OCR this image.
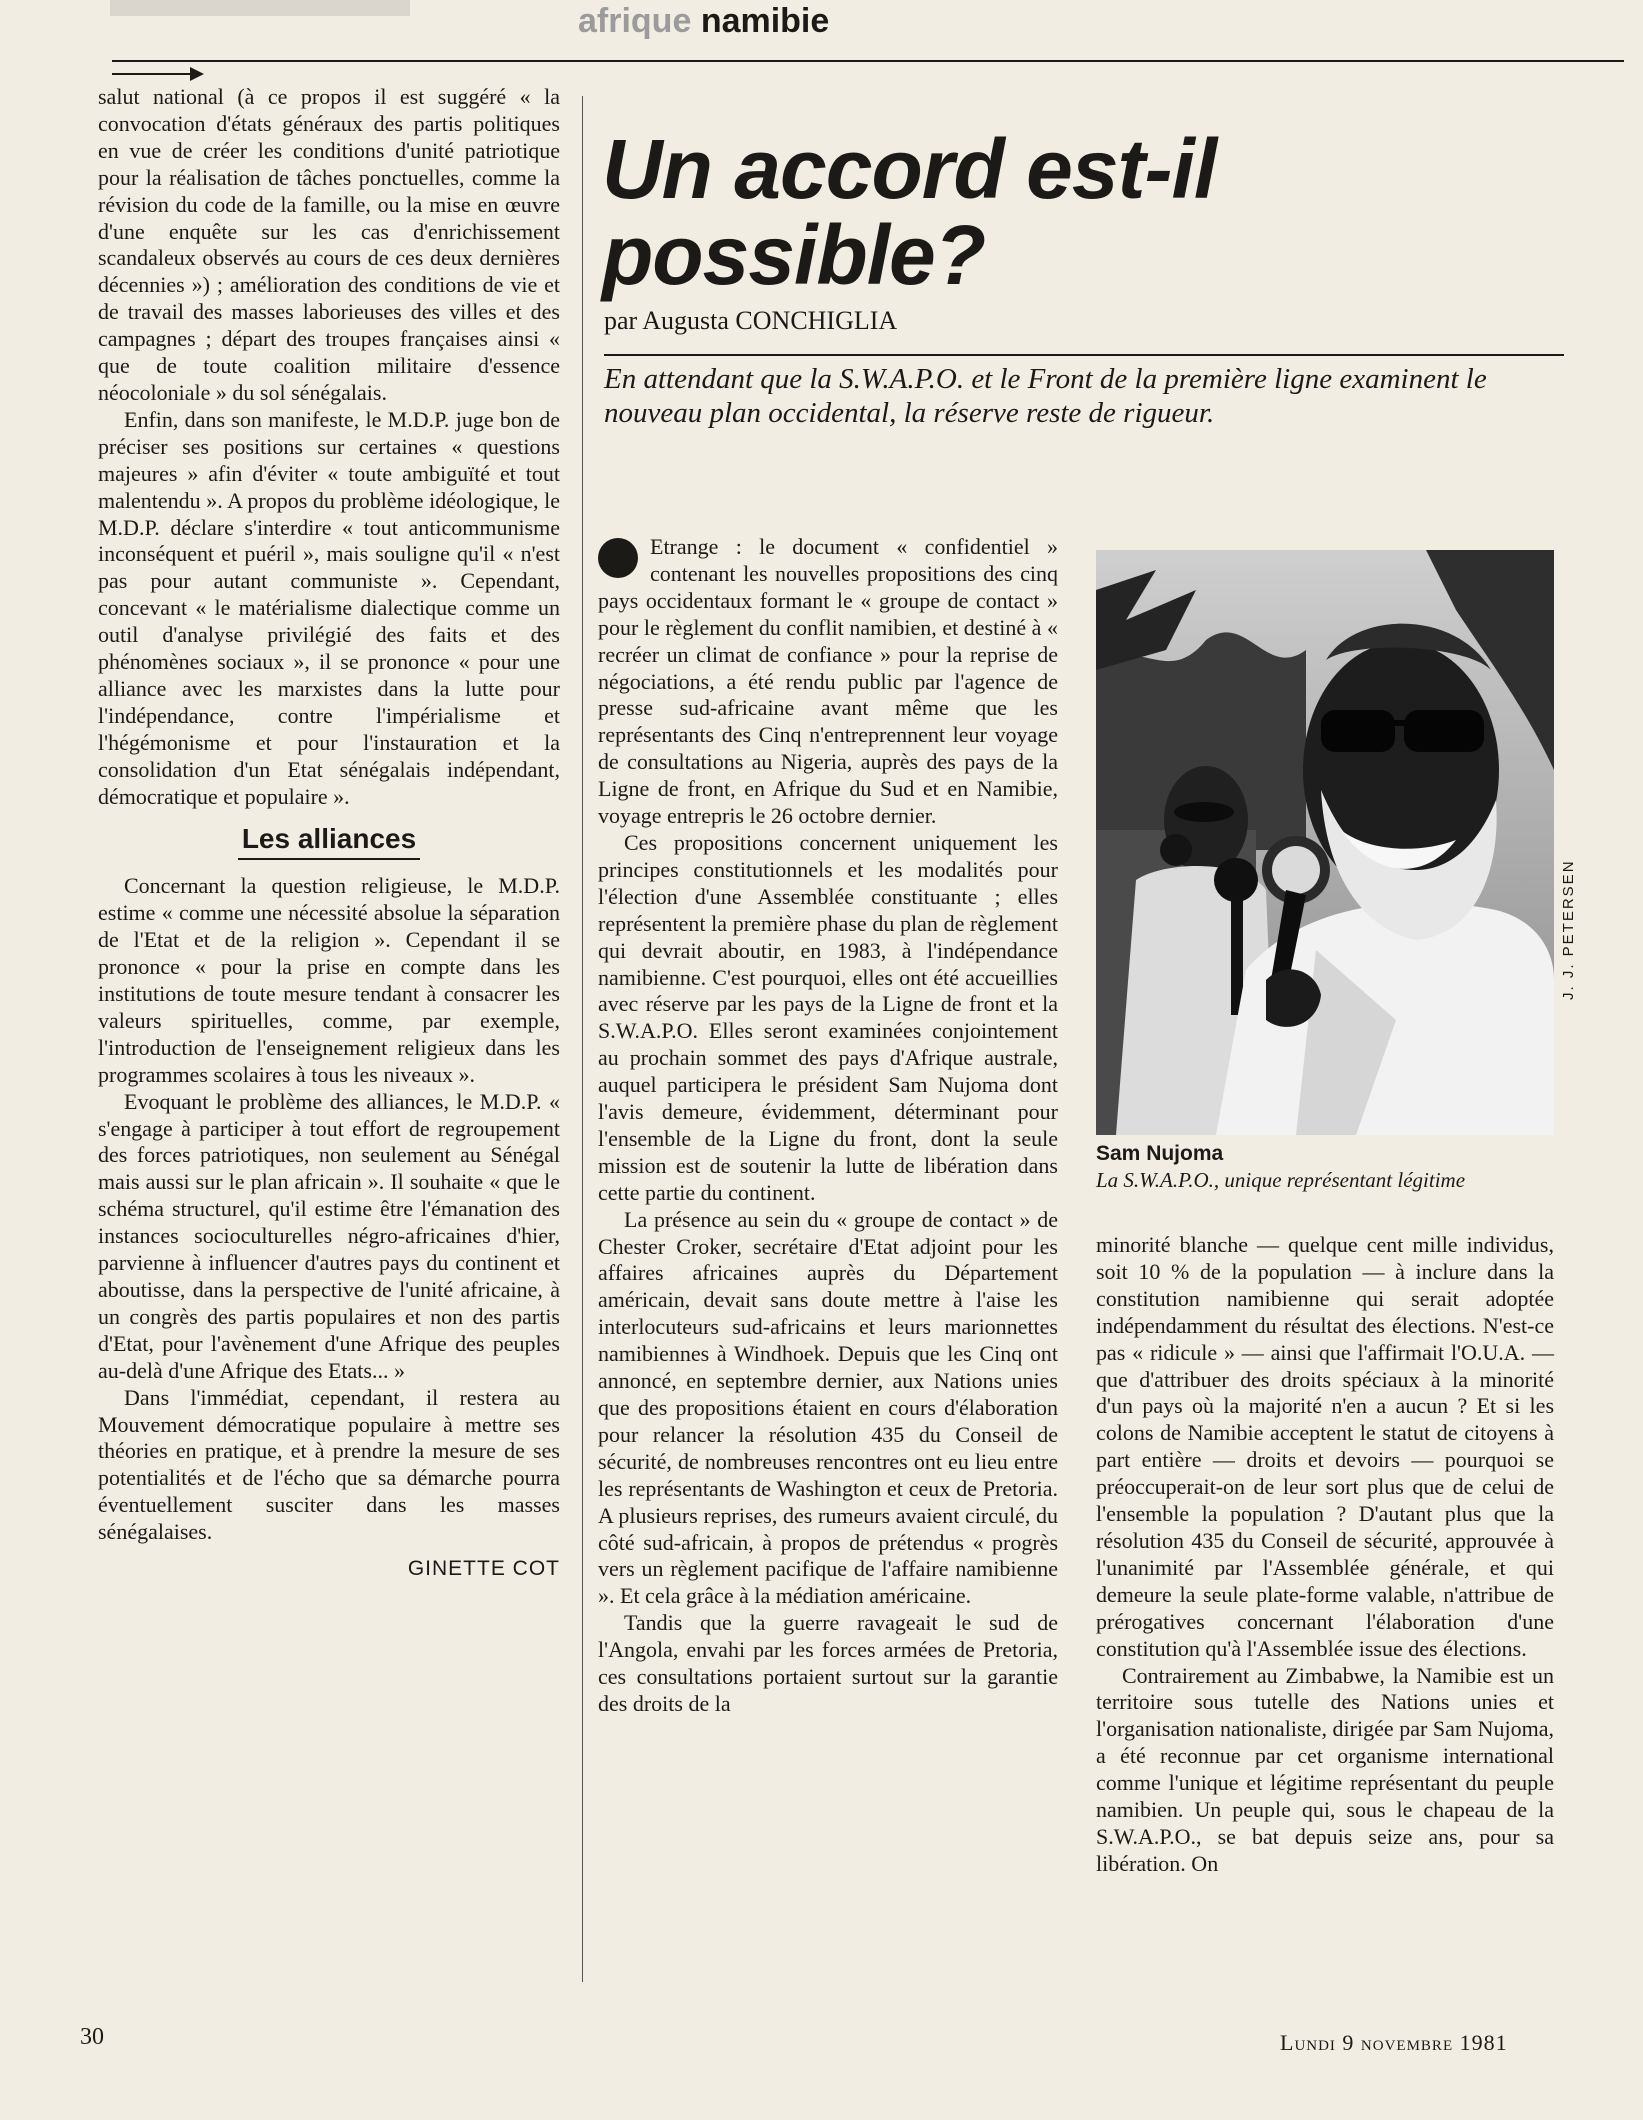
afrique namibie

salut national (à ce propos il est suggéré « la convocation d'états généraux des partis politiques en vue de créer les conditions d'unité patriotique pour la réalisation de tâches ponctuelles, comme la révision du code de la famille, ou la mise en œuvre d'une enquête sur les cas d'enrichissement scandaleux observés au cours de ces deux dernières décennies ») ; amélioration des conditions de vie et de travail des masses laborieuses des villes et des campagnes ; départ des troupes françaises ainsi « que de toute coalition militaire d'essence néocoloniale » du sol sénégalais.

Enfin, dans son manifeste, le M.D.P. juge bon de préciser ses positions sur certaines « questions majeures » afin d'éviter « toute ambiguïté et tout malentendu ». A propos du problème idéologique, le M.D.P. déclare s'interdire « tout anticommunisme inconséquent et puéril », mais souligne qu'il « n'est pas pour autant communiste ». Cependant, concevant « le matérialisme dialectique comme un outil d'analyse privilégié des faits et des phénomènes sociaux », il se prononce « pour une alliance avec les marxistes dans la lutte pour l'indépendance, contre l'impérialisme et l'hégémonisme et pour l'instauration et la consolidation d'un Etat sénégalais indépendant, démocratique et populaire ».

Les alliances

Concernant la question religieuse, le M.D.P. estime « comme une nécessité absolue la séparation de l'Etat et de la religion ». Cependant il se prononce « pour la prise en compte dans les institutions de toute mesure tendant à consacrer les valeurs spirituelles, comme, par exemple, l'introduction de l'enseignement religieux dans les programmes scolaires à tous les niveaux ».

Evoquant le problème des alliances, le M.D.P. « s'engage à participer à tout effort de regroupement des forces patriotiques, non seulement au Sénégal mais aussi sur le plan africain ». Il souhaite « que le schéma structurel, qu'il estime être l'émanation des instances socioculturelles négro-africaines d'hier, parvienne à influencer d'autres pays du continent et aboutisse, dans la perspective de l'unité africaine, à un congrès des partis populaires et non des partis d'Etat, pour l'avènement d'une Afrique des peuples au-delà d'une Afrique des Etats... »

Dans l'immédiat, cependant, il restera au Mouvement démocratique populaire à mettre ses théories en pratique, et à prendre la mesure de ses potentialités et de l'écho que sa démarche pourra éventuellement susciter dans les masses sénégalaises.

GINETTE COT
Un accord est-il possible?
par Augusta CONCHIGLIA
En attendant que la S.W.A.P.O. et le Front de la première ligne examinent le nouveau plan occidental, la réserve reste de rigueur.

Etrange : le document « confidentiel » contenant les nouvelles propositions des cinq pays occidentaux formant le « groupe de contact » pour le règlement du conflit namibien, et destiné à « recréer un climat de confiance » pour la reprise de négociations, a été rendu public par l'agence de presse sud-africaine avant même que les représentants des Cinq n'entreprennent leur voyage de consultations au Nigeria, auprès des pays de la Ligne de front, en Afrique du Sud et en Namibie, voyage entrepris le 26 octobre dernier.

Ces propositions concernent uniquement les principes constitutionnels et les modalités pour l'élection d'une Assemblée constituante ; elles représentent la première phase du plan de règlement qui devrait aboutir, en 1983, à l'indépendance namibienne. C'est pourquoi, elles ont été accueillies avec réserve par les pays de la Ligne de front et la S.W.A.P.O. Elles seront examinées conjointement au prochain sommet des pays d'Afrique australe, auquel participera le président Sam Nujoma dont l'avis demeure, évidemment, déterminant pour l'ensemble de la Ligne du front, dont la seule mission est de soutenir la lutte de libération dans cette partie du continent.

La présence au sein du « groupe de contact » de Chester Croker, secrétaire d'Etat adjoint pour les affaires africaines auprès du Département américain, devait sans doute mettre à l'aise les interlocuteurs sud-africains et leurs marionnettes namibiennes à Windhoek. Depuis que les Cinq ont annoncé, en septembre dernier, aux Nations unies que des propositions étaient en cours d'élaboration pour relancer la résolution 435 du Conseil de sécurité, de nombreuses rencontres ont eu lieu entre les représentants de Washington et ceux de Pretoria. A plusieurs reprises, des rumeurs avaient circulé, du côté sud-africain, à propos de prétendus « progrès vers un règlement pacifique de l'affaire namibienne ». Et cela grâce à la médiation américaine.

Tandis que la guerre ravageait le sud de l'Angola, envahi par les forces armées de Pretoria, ces consultations portaient surtout sur la garantie des droits de la

J. J. PETERSEN
Sam Nujoma
La S.W.A.P.O., unique représentant légitime

minorité blanche — quelque cent mille individus, soit 10 % de la population — à inclure dans la constitution namibienne qui serait adoptée indépendamment du résultat des élections. N'est-ce pas « ridicule » — ainsi que l'affirmait l'O.U.A. — que d'attribuer des droits spéciaux à la minorité d'un pays où la majorité n'en a aucun ? Et si les colons de Namibie acceptent le statut de citoyens à part entière — droits et devoirs — pourquoi se préoccuperait-on de leur sort plus que de celui de l'ensemble la population ? D'autant plus que la résolution 435 du Conseil de sécurité, approuvée à l'unanimité par l'Assemblée générale, et qui demeure la seule plate-forme valable, n'attribue de prérogatives concernant l'élaboration d'une constitution qu'à l'Assemblée issue des élections.

Contrairement au Zimbabwe, la Namibie est un territoire sous tutelle des Nations unies et l'organisation nationaliste, dirigée par Sam Nujoma, a été reconnue par cet organisme international comme l'unique et légitime représentant du peuple namibien. Un peuple qui, sous le chapeau de la S.W.A.P.O., se bat depuis seize ans, pour sa libération. On

30	Lundi 9 novembre 1981
